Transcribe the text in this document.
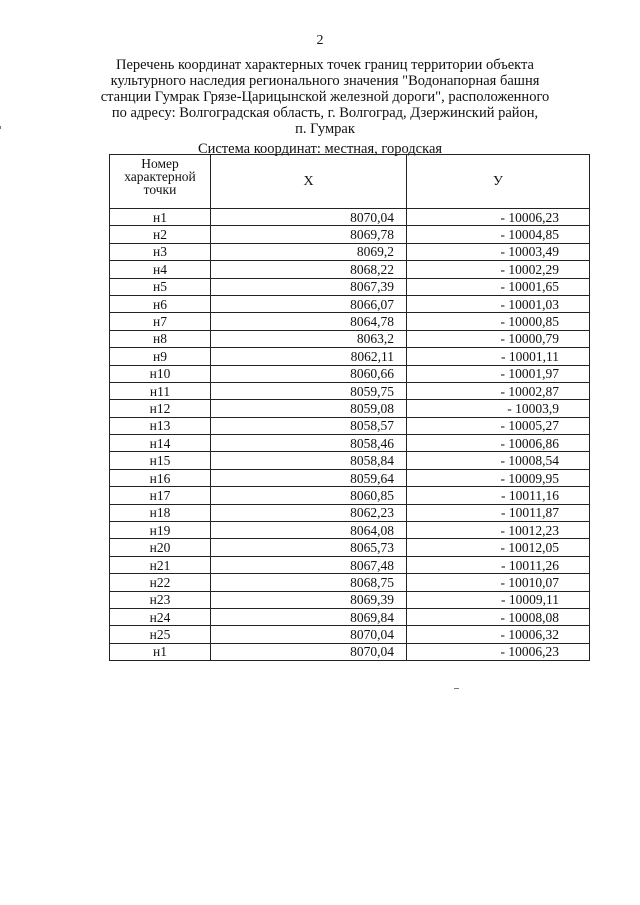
2
Перечень координат характерных точек границ территории объекта
культурного наследия регионального значения "Водонапорная башня
станции Гумрак Грязе-Царицынской железной дороги", расположенного
по адресу: Волгоградская область, г. Волгоград, Дзержинский район,
п. Гумрак
Система координат: местная, городская
Номер
характерной
точки	X	У
н1	8070,04	- 10006,23
н2	8069,78	- 10004,85
н3	8069,2	- 10003,49
н4	8068,22	- 10002,29
н5	8067,39	- 10001,65
н6	8066,07	- 10001,03
н7	8064,78	- 10000,85
н8	8063,2	- 10000,79
н9	8062,11	- 10001,11
н10	8060,66	- 10001,97
н11	8059,75	- 10002,87
н12	8059,08	- 10003,9
н13	8058,57	- 10005,27
н14	8058,46	- 10006,86
н15	8058,84	- 10008,54
н16	8059,64	- 10009,95
н17	8060,85	- 10011,16
н18	8062,23	- 10011,87
н19	8064,08	- 10012,23
н20	8065,73	- 10012,05
н21	8067,48	- 10011,26
н22	8068,75	- 10010,07
н23	8069,39	- 10009,11
н24	8069,84	- 10008,08
н25	8070,04	- 10006,32
н1	8070,04	- 10006,23
